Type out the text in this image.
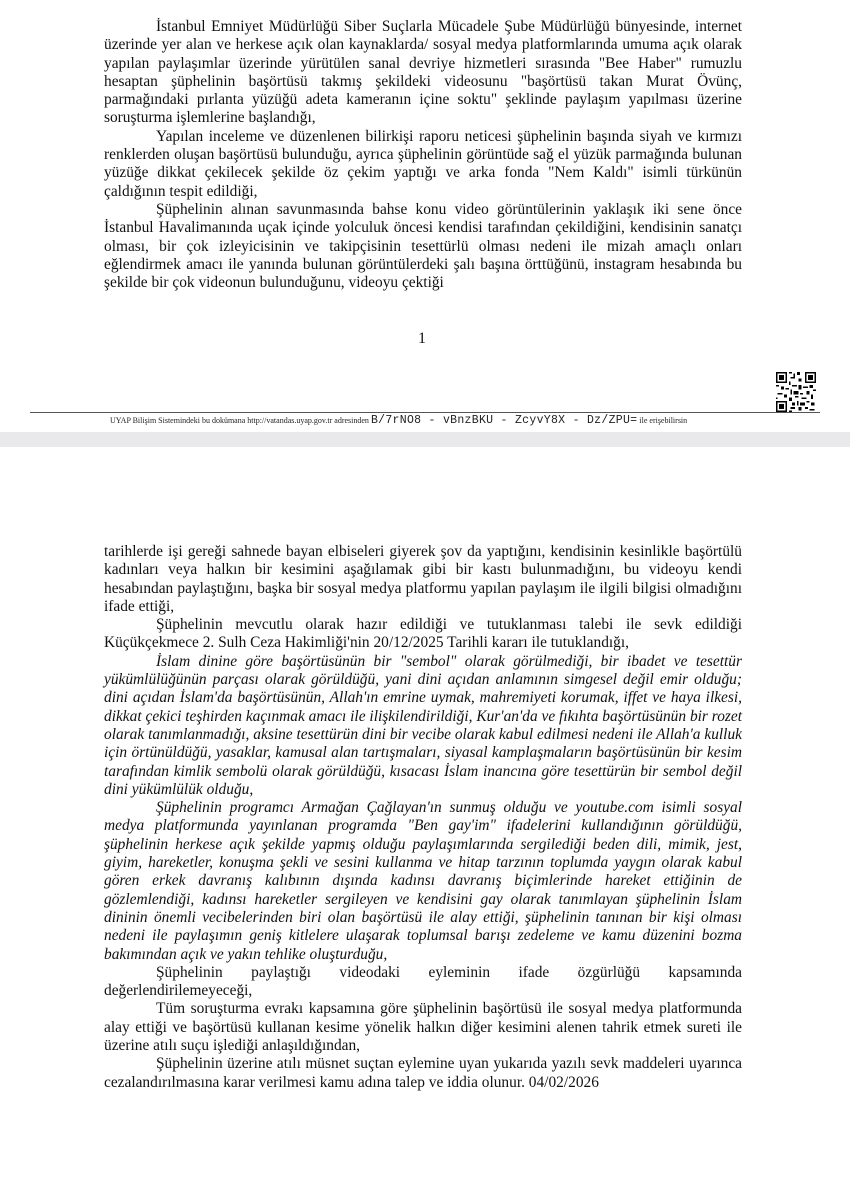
İstanbul Emniyet Müdürlüğü Siber Suçlarla Mücadele Şube Müdürlüğü bünyesinde, internet üzerinde yer alan ve herkese açık olan kaynaklarda/ sosyal medya platformlarında umuma açık olarak yapılan paylaşımlar üzerinde yürütülen sanal devriye hizmetleri sırasında "Bee Haber" rumuzlu hesaptan şüphelinin başörtüsü takmış şekildeki videosunu "başörtüsü takan Murat Övünç, parmağındaki pırlanta yüzüğü adeta kameranın içine soktu" şeklinde paylaşım yapılması üzerine soruşturma işlemlerine başlandığı,

Yapılan inceleme ve düzenlenen bilirkişi raporu neticesi şüphelinin başında siyah ve kırmızı renklerden oluşan başörtüsü bulunduğu, ayrıca şüphelinin görüntüde sağ el yüzük parmağında bulunan yüzüğe dikkat çekilecek şekilde öz çekim yaptığı ve arka fonda "Nem Kaldı" isimli türkünün çaldığının tespit edildiği,

Şüphelinin alınan savunmasında bahse konu video görüntülerinin yaklaşık iki sene önce İstanbul Havalimanında uçak içinde yolculuk öncesi kendisi tarafından çekildiğini, kendisinin sanatçı olması, bir çok izleyicisinin ve takipçisinin tesettürlü olması nedeni ile mizah amaçlı onları eğlendirmek amacı ile yanında bulunan görüntülerdeki şalı başına örttüğünü, instagram hesabında bu şekilde bir çok videonun bulunduğunu, videoyu çektiği

1
UYAP Bilişim Sistemindeki bu dokümana http://vatandas.uyap.gov.tr adresinden B/7rNO8 - vBnzBKU - ZcyvY8X - Dz/ZPU= ile erişebilirsin

tarihlerde işi gereği sahnede bayan elbiseleri giyerek şov da yaptığını, kendisinin kesinlikle başörtülü kadınları veya halkın bir kesimini aşağılamak gibi bir kastı bulunmadığını, bu videoyu kendi hesabından paylaştığını, başka bir sosyal medya platformu yapılan paylaşım ile ilgili bilgisi olmadığını ifade ettiği,

Şüphelinin mevcutlu olarak hazır edildiği ve tutuklanması talebi ile sevk edildiği Küçükçekmece 2. Sulh Ceza Hakimliği'nin 20/12/2025 Tarihli kararı ile tutuklandığı,

İslam dinine göre başörtüsünün bir "sembol" olarak görülmediği, bir ibadet ve tesettür yükümlülüğünün parçası olarak görüldüğü, yani dini açıdan anlamının simgesel değil emir olduğu; dini açıdan İslam'da başörtüsünün, Allah'ın emrine uymak, mahremiyeti korumak, iffet ve haya ilkesi, dikkat çekici teşhirden kaçınmak amacı ile ilişkilendirildiği, Kur'an'da ve fıkıhta başörtüsünün bir rozet olarak tanımlanmadığı, aksine tesettürün dini bir vecibe olarak kabul edilmesi nedeni ile Allah'a kulluk için örtünüldüğü, yasaklar, kamusal alan tartışmaları, siyasal kamplaşmaların başörtüsünün bir kesim tarafından kimlik sembolü olarak görüldüğü, kısacası İslam inancına göre tesettürün bir sembol değil dini yükümlülük olduğu,

Şüphelinin programcı Armağan Çağlayan'ın sunmuş olduğu ve youtube.com isimli sosyal medya platformunda yayınlanan programda "Ben gay'im" ifadelerini kullandığının görüldüğü, şüphelinin herkese açık şekilde yapmış olduğu paylaşımlarında sergilediği beden dili, mimik, jest, giyim, hareketler, konuşma şekli ve sesini kullanma ve hitap tarzının toplumda yaygın olarak kabul gören erkek davranış kalıbının dışında kadınsı davranış biçimlerinde hareket ettiğinin de gözlemlendiği, kadınsı hareketler sergileyen ve kendisini gay olarak tanımlayan şüphelinin İslam dininin önemli vecibelerinden biri olan başörtüsü ile alay ettiği, şüphelinin tanınan bir kişi olması nedeni ile paylaşımın geniş kitlelere ulaşarak toplumsal barışı zedeleme ve kamu düzenini bozma bakımından açık ve yakın tehlike oluşturduğu,

Şüphelinin paylaştığı videodaki eyleminin ifade özgürlüğü kapsamında değerlendirilemeyeceği,

Tüm soruşturma evrakı kapsamına göre şüphelinin başörtüsü ile sosyal medya platformunda alay ettiği ve başörtüsü kullanan kesime yönelik halkın diğer kesimini alenen tahrik etmek sureti ile üzerine atılı suçu işlediği anlaşıldığından,

Şüphelinin üzerine atılı müsnet suçtan eylemine uyan yukarıda yazılı sevk maddeleri uyarınca cezalandırılmasına karar verilmesi kamu adına talep ve iddia olunur. 04/02/2026
